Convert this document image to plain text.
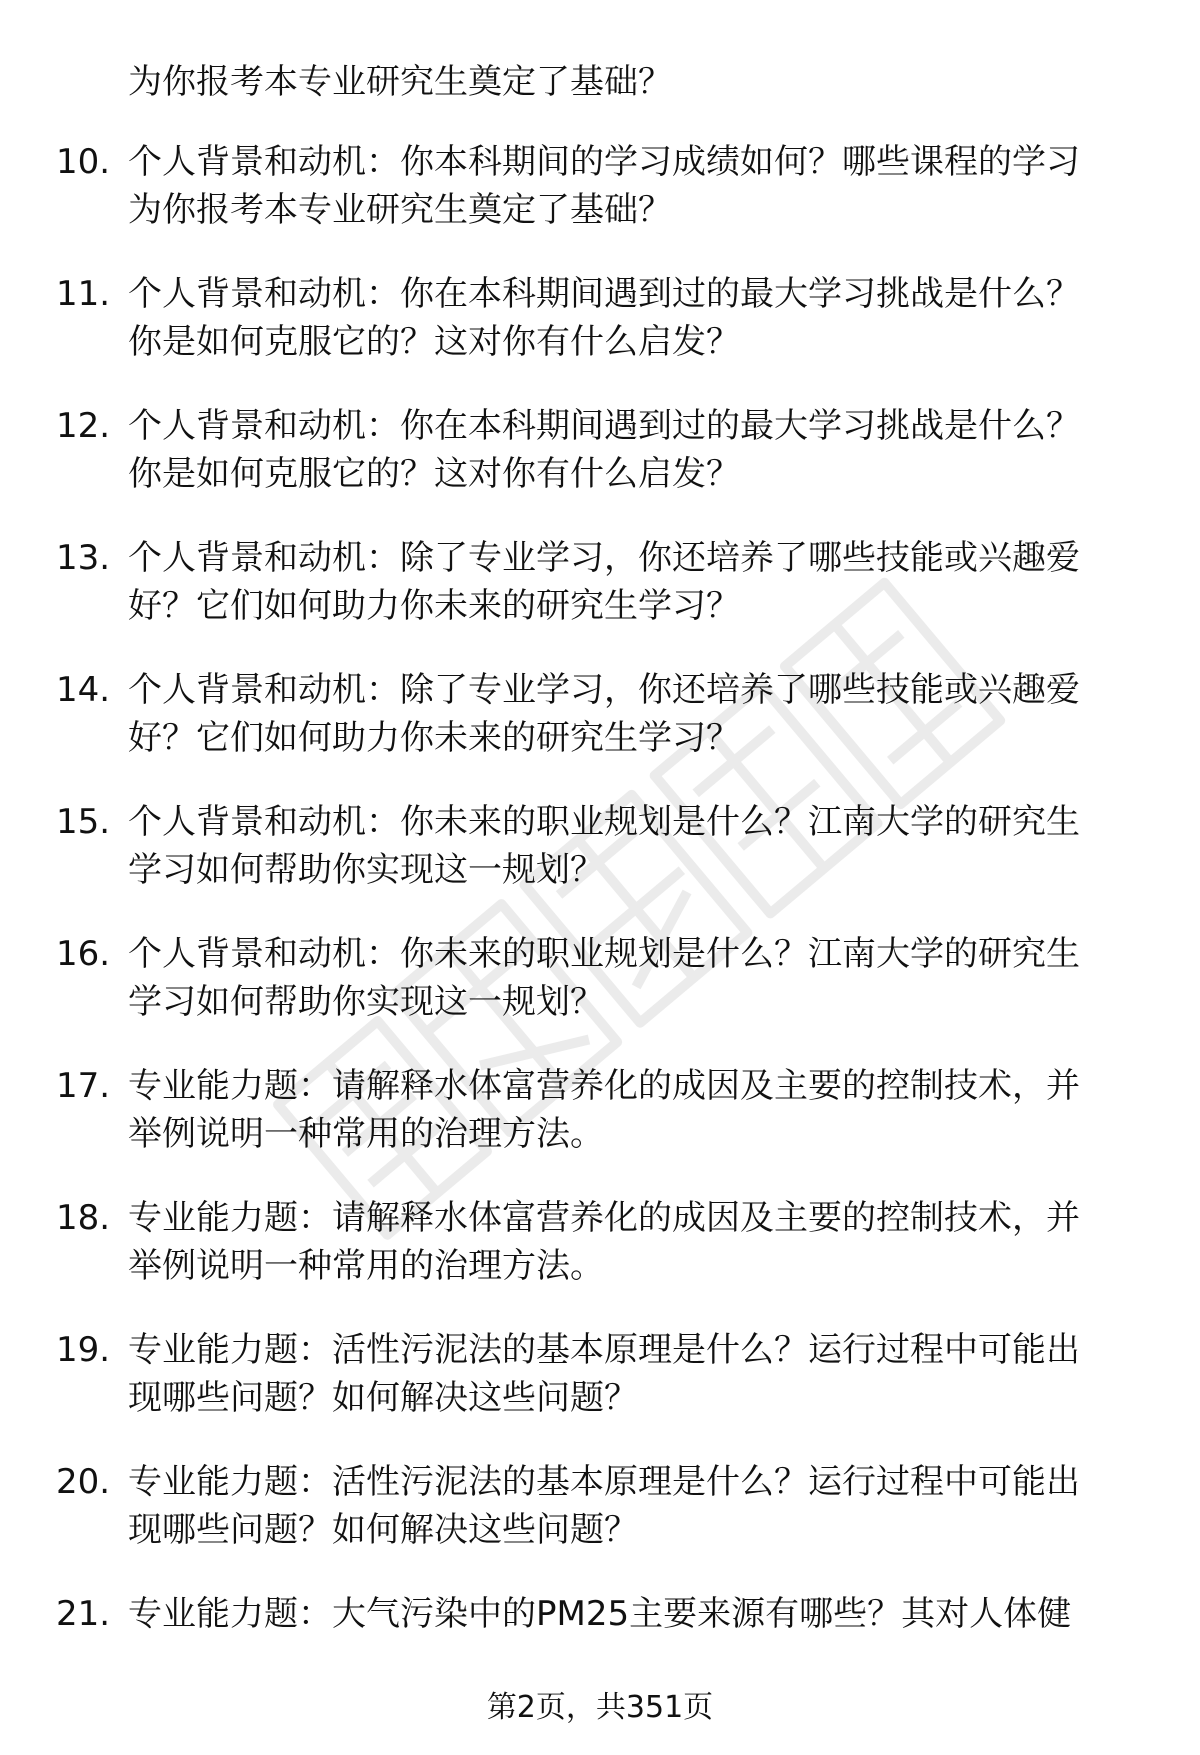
为你报考本专业研究生奠定了基础？
10. 个人背景和动机：你本科期间的学习成绩如何？哪些课程的学习
为你报考本专业研究生奠定了基础？
11. 个人背景和动机：你在本科期间遇到过的最大学习挑战是什么？
你是如何克服它的？这对你有什么启发？
12. 个人背景和动机：你在本科期间遇到过的最大学习挑战是什么？
你是如何克服它的？这对你有什么启发？
13. 个人背景和动机：除了专业学习，你还培养了哪些技能或兴趣爱
好？它们如何助力你未来的研究生学习？
14. 个人背景和动机：除了专业学习，你还培养了哪些技能或兴趣爱
好？它们如何助力你未来的研究生学习？
15. 个人背景和动机：你未来的职业规划是什么？江南大学的研究生
学习如何帮助你实现这一规划？
16. 个人背景和动机：你未来的职业规划是什么？江南大学的研究生
学习如何帮助你实现这一规划？
17. 专业能力题：请解释水体富营养化的成因及主要的控制技术，并
举例说明一种常用的治理方法。
18. 专业能力题：请解释水体富营养化的成因及主要的控制技术，并
举例说明一种常用的治理方法。
19. 专业能力题：活性污泥法的基本原理是什么？运行过程中可能出
现哪些问题？如何解决这些问题？
20. 专业能力题：活性污泥法的基本原理是什么？运行过程中可能出
现哪些问题？如何解决这些问题？
21. 专业能力题：大气污染中的PM25主要来源有哪些？其对人体健
第2页，共351页
